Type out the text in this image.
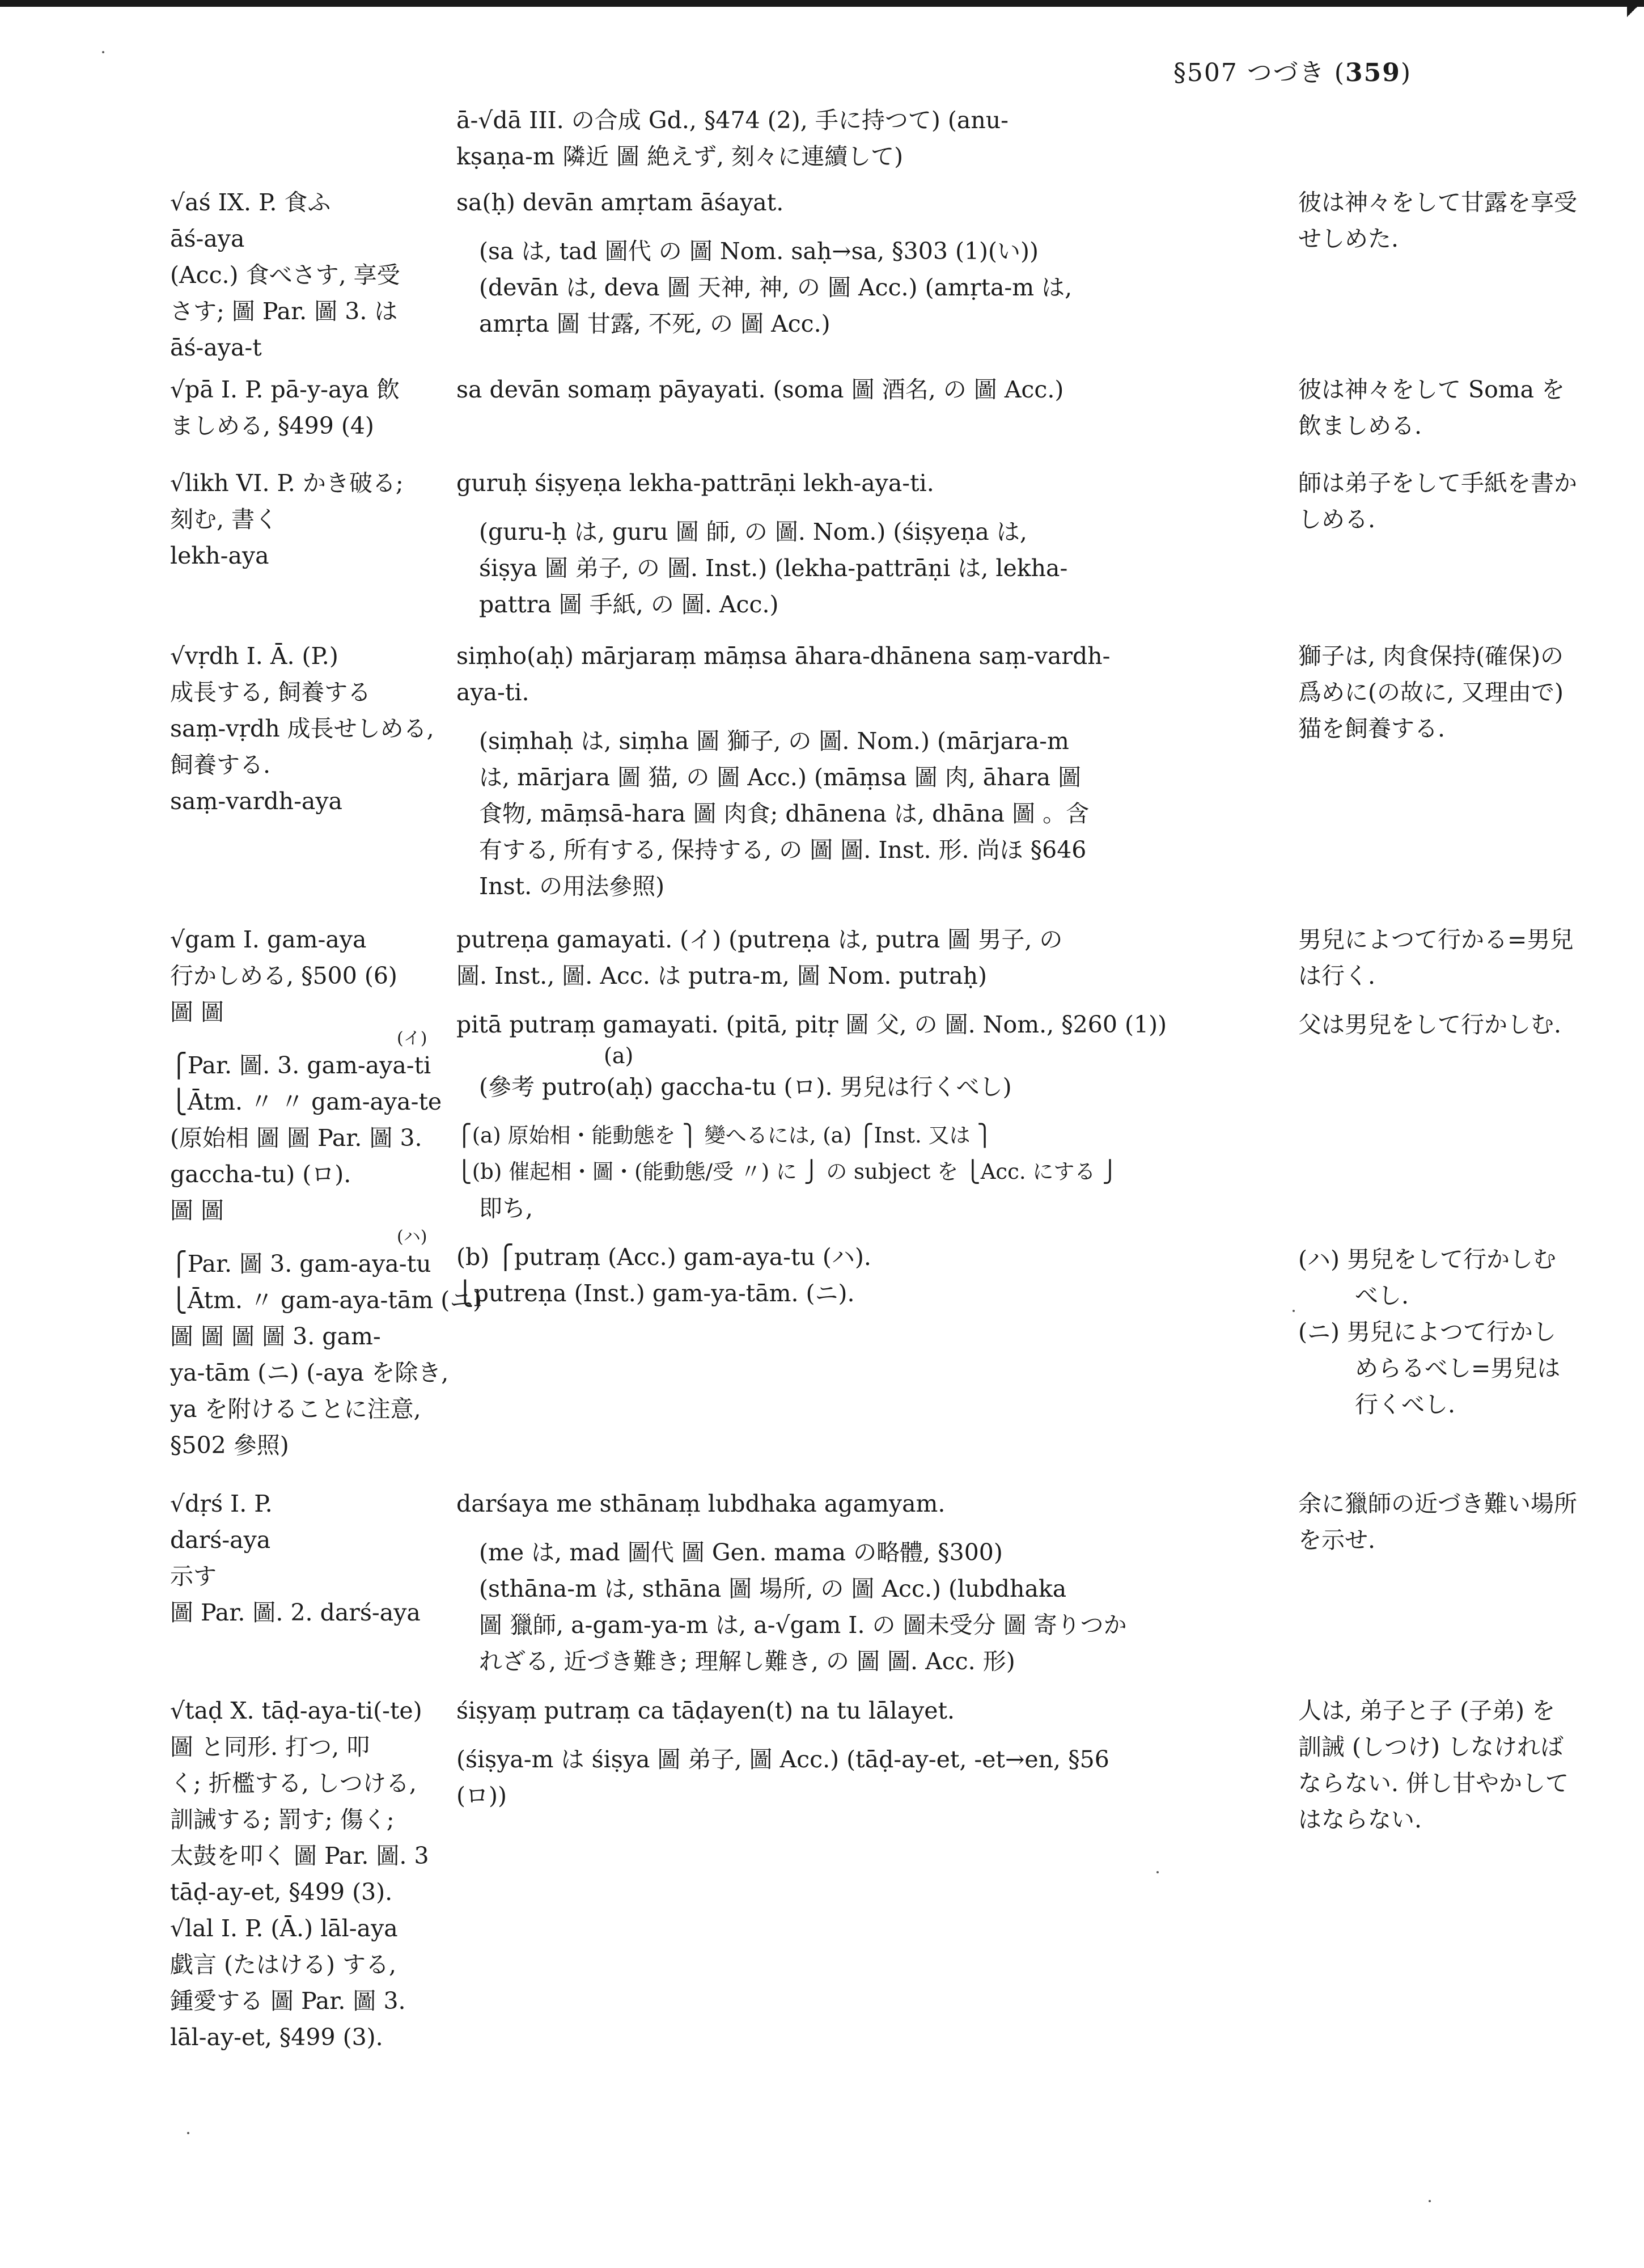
§507 つづき (359)
ā-√dā III. の合成 Gd., §474 (2), 手に持つて) (anu-
kṣaṇa-m 隣近 圖 絶えず, 刻々に連續して)
√aś IX. P. 食ふ
āś-aya
(Acc.) 食べさす, 享受
さす; 圖 Par. 圖 3. は
āś-aya-t
sa(ḥ) devān amṛtam āśayat.
(sa は, tad 圖代 の 圖 Nom. saḥ→sa, §303 (1)(い))
(devān は, deva 圖 天神, 神, の 圖 Acc.) (amṛta-m は,
amṛta 圖 甘露, 不死, の 圖 Acc.)
彼は神々をして甘露を享受
せしめた.
√pā I. P. pā-y-aya 飲
ましめる, §499 (4)
sa devān somaṃ pāyayati. (soma 圖 酒名, の 圖 Acc.)	彼は神々をして Soma を
飲ましめる.
√likh VI. P. かき破る;
刻む, 書く
lekh-aya
guruḥ śiṣyeṇa lekha-pattrāṇi lekh-aya-ti.
(guru-ḥ は, guru 圖 師, の 圖. Nom.) (śiṣyeṇa は,
śiṣya 圖 弟子, の 圖. Inst.) (lekha-pattrāṇi は, lekha-
pattra 圖 手紙, の 圖. Acc.)
師は弟子をして手紙を書か
しめる.
√vṛdh I. Ā. (P.)
成長する, 飼養する
saṃ-vṛdh 成長せしめる,
飼養する.
saṃ-vardh-aya
siṃho(aḥ) mārjaraṃ māṃsa āhara-dhānena saṃ-vardh-
aya-ti.
(siṃhaḥ は, siṃha 圖 獅子, の 圖. Nom.) (mārjara-m
は, mārjara 圖 猫, の 圖 Acc.) (māṃsa 圖 肉, āhara 圖
食物, māṃsā-hara 圖 肉食; dhānena は, dhāna 圖 。含
有する, 所有する, 保持する, の 圖 圖. Inst. 形. 尚ほ §646
Inst. の用法參照)
獅子は, 肉食保持(確保)の
爲めに(の故に, 又理由で)
猫を飼養する.
√gam I. gam-aya
行かしめる, §500 (6)
圖 圖
(イ)
⎧Par. 圖. 3. gam-aya-ti
⎩Ātm. 〃 〃 gam-aya-te
(原始相 圖 圖 Par. 圖 3.
gaccha-tu) (ロ).
圖 圖
(ハ)
⎧Par. 圖 3. gam-aya-tu
⎩Ātm. 〃 gam-aya-tām (ニ)
圖 圖 圖 圖 3. gam-
ya-tām (ニ) (-aya を除き,
ya を附けることに注意,
§502 參照)
putreṇa gamayati. (イ) (putreṇa は, putra 圖 男子, の
圖. Inst., 圖. Acc. は putra-m, 圖 Nom. putraḥ)
pitā putraṃ gamayati. (pitā, pitṛ 圖 父, の 圖. Nom., §260 (1))
(a)
(參考 putro(aḥ) gaccha-tu (ロ). 男兒は行くべし)
⎧(a) 原始相・能動態を ⎫ 變へるには, (a) ⎧Inst. 又は ⎫
⎩(b) 催起相・圖・(能動態/受 〃) に ⎭ の subject を ⎩Acc. にする ⎭
即ち,
(b) ⎧putraṃ (Acc.) gam-aya-tu (ハ).
⎩putreṇa (Inst.) gam-ya-tām. (ニ).
男兒によつて行かる=男兒
は行く.
父は男兒をして行かしむ.
(ハ) 男兒をして行かしむ
べし.
(ニ) 男兒によつて行かし
めらるべし=男兒は
行くべし.
√dṛś I. P.
darś-aya
示す
圖 Par. 圖. 2. darś-aya
darśaya me sthānaṃ lubdhaka agamyam.
(me は, mad 圖代 圖 Gen. mama の略體, §300)
(sthāna-m は, sthāna 圖 場所, の 圖 Acc.) (lubdhaka
圖 獵師, a-gam-ya-m は, a-√gam I. の 圖未受分 圖 寄りつか
れざる, 近づき難き; 理解し難き, の 圖 圖. Acc. 形)
余に獵師の近づき難い場所
を示せ.
√taḍ X. tāḍ-aya-ti(-te)
圖 と同形. 打つ, 叩
く; 折檻する, しつける,
訓誡する; 罰す; 傷く;
太鼓を叩く 圖 Par. 圖. 3
tāḍ-ay-et, §499 (3).
√lal I. P. (Ā.) lāl-aya
戯言 (たはける) する,
鍾愛する 圖 Par. 圖 3.
lāl-ay-et, §499 (3).
śiṣyaṃ putraṃ ca tāḍayen(t) na tu lālayet.
(śiṣya-m は śiṣya 圖 弟子, 圖 Acc.) (tāḍ-ay-et, -et→en, §56
(ロ))
人は, 弟子と子 (子弟) を
訓誡 (しつけ) しなければ
ならない. 併し甘やかして
はならない.
